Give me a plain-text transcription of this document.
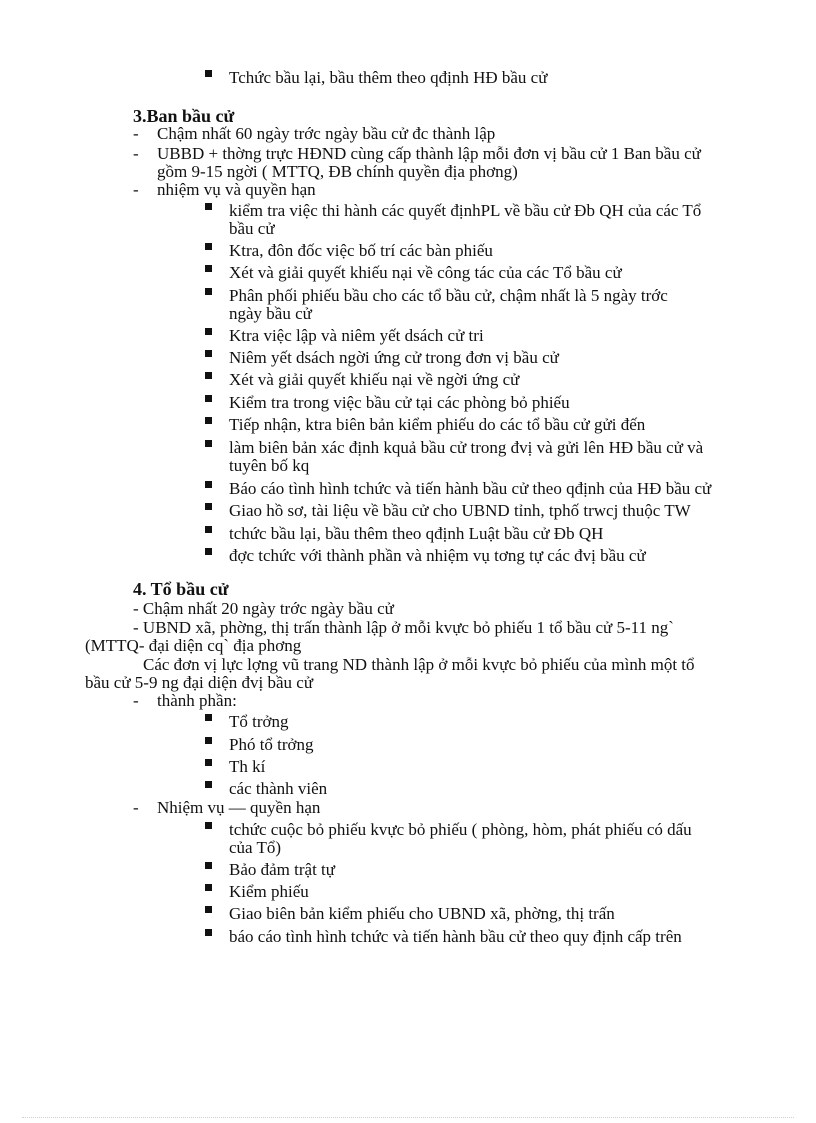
Tchức bầu lại, bầu thêm theo qđịnh HĐ bầu cử
3.Ban bầu cử
- Chậm nhất 60 ngày trớc ngày bầu cử đc thành lập
- UBBD + thờng trực HĐND cùng cấp thành lập mỗi đơn vị bầu cử 1 Ban bầu cử
gồm 9-15 ngời ( MTTQ, ĐB chính quyền địa phơng)
- nhiệm vụ và quyền hạn
kiểm tra việc thi hành các quyết địnhPL về bầu cử Đb QH của các Tổ
bầu cử
Ktra, đôn đốc việc bố trí các bàn phiếu
Xét và giải quyết khiếu nại về công tác của các Tổ bầu cử
Phân phối phiếu bầu cho các tổ bầu cử, chậm nhất là 5 ngày trớc
ngày bầu cử
Ktra việc lập và niêm yết dsách cử tri
Niêm yết dsách ngời ứng cử trong đơn vị bầu cử
Xét và giải quyết khiếu nại về ngời ứng cử
Kiểm tra trong việc bầu cử tại các phòng bỏ phiếu
Tiếp nhận, ktra biên bản kiểm phiếu do các tổ bầu cử gửi đến
làm biên bản xác định kquả bầu cử trong đvị và gửi lên HĐ bầu cử và
tuyên bố kq
Báo cáo tình hình tchức và tiến hành bầu cử theo qđịnh của HĐ bầu cử
Giao hồ sơ, tài liệu về bầu cử cho UBND tỉnh, tphố trwcj thuộc TW
tchức bầu lại, bầu thêm theo qđịnh Luật bầu cử Đb QH
đợc tchức với thành phần và nhiệm vụ tơng tự các đvị bầu cử
4. Tổ bầu cử
- Chậm nhất 20 ngày trớc ngày bầu cử
- UBND xã, phờng, thị trấn thành lập ở mỗi kvực bỏ phiếu 1 tổ bầu cử 5-11 ng`
(MTTQ- đại diện cq` địa phơng
Các đơn vị lực lợng vũ trang ND thành lập ở mỗi kvực bỏ phiếu của mình một tổ
bầu cử 5-9 ng đại diện đvị bầu cử
- thành phần:
Tổ trởng
Phó tổ trởng
Th kí
các thành viên
- Nhiệm vụ — quyền hạn
tchức cuộc bỏ phiếu kvực bỏ phiếu ( phòng, hòm, phát phiếu có dấu
của Tổ)
Bảo đảm trật tự
Kiểm phiếu
Giao biên bản kiểm phiếu cho UBND xã, phờng, thị trấn
báo cáo tình hình tchức và tiến hành bầu cử theo quy định cấp trên
